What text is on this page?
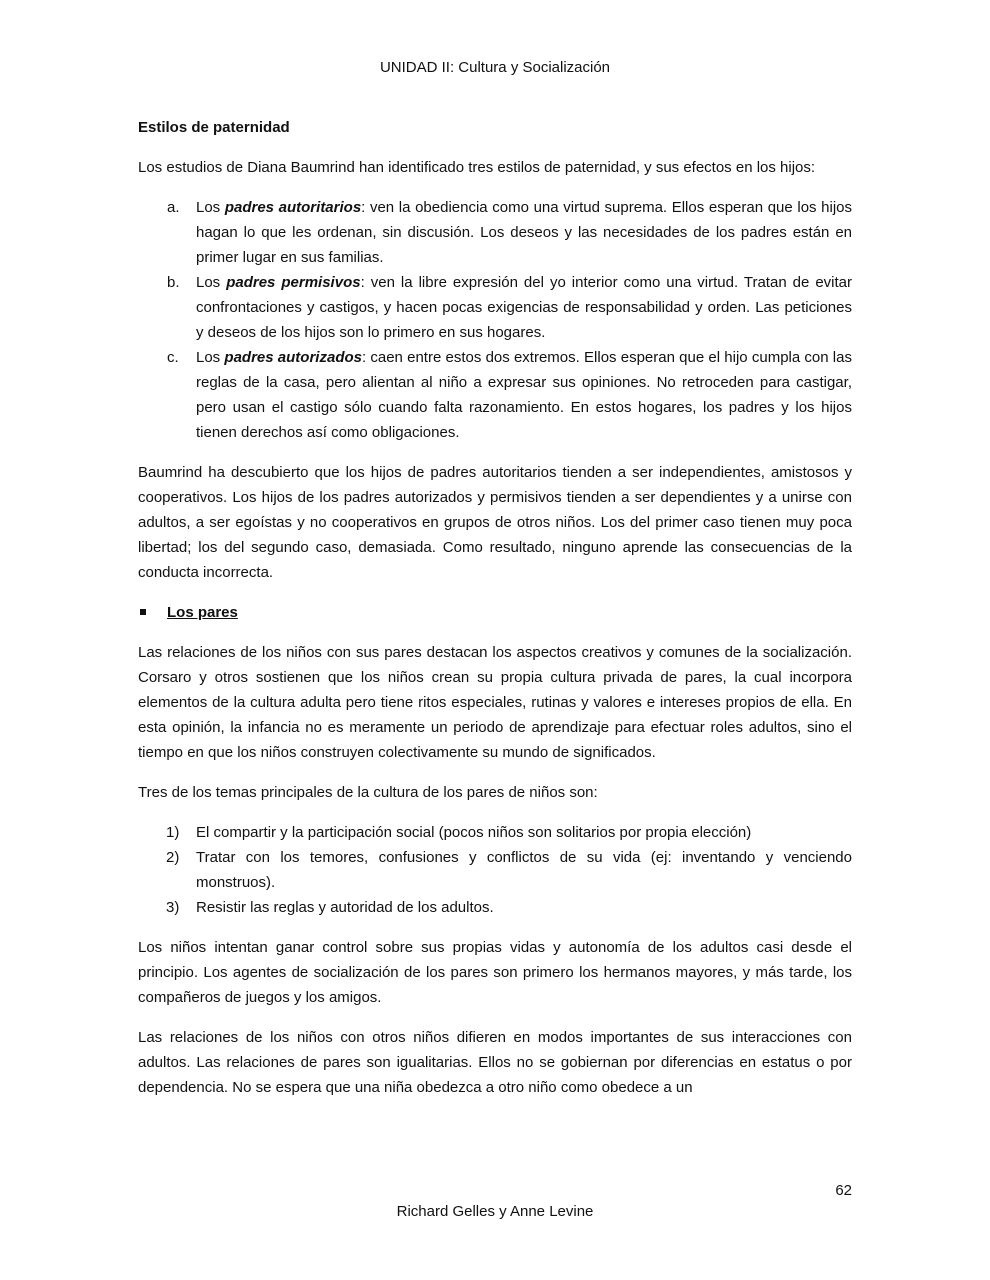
UNIDAD II: Cultura y Socialización
Estilos de paternidad

Los estudios de Diana Baumrind han identificado tres estilos de paternidad, y sus efectos en los hijos:

a. Los padres autoritarios: ven la obediencia como una virtud suprema. Ellos esperan que los hijos hagan lo que les ordenan, sin discusión. Los deseos y las necesidades de los padres están en primer lugar en sus familias.
b. Los padres permisivos: ven la libre expresión del yo interior como una virtud. Tratan de evitar confrontaciones y castigos, y hacen pocas exigencias de responsabilidad y orden. Las peticiones y deseos de los hijos son lo primero en sus hogares.
c. Los padres autorizados: caen entre estos dos extremos. Ellos esperan que el hijo cumpla con las reglas de la casa, pero alientan al niño a expresar sus opiniones. No retroceden para castigar, pero usan el castigo sólo cuando falta razonamiento. En estos hogares, los padres y los hijos tienen derechos así como obligaciones.

Baumrind ha descubierto que los hijos de padres autoritarios tienden a ser independientes, amistosos y cooperativos. Los hijos de los padres autorizados y permisivos tienden a ser dependientes y a unirse con adultos, a ser egoístas y no cooperativos en grupos de otros niños. Los del primer caso tienen muy poca libertad; los del segundo caso, demasiada. Como resultado, ninguno aprende las consecuencias de la conducta incorrecta.

Los pares

Las relaciones de los niños con sus pares destacan los aspectos creativos y comunes de la socialización. Corsaro y otros sostienen que los niños crean su propia cultura privada de pares, la cual incorpora elementos de la cultura adulta pero tiene ritos especiales, rutinas y valores e intereses propios de ella. En esta opinión, la infancia no es meramente un periodo de aprendizaje para efectuar roles adultos, sino el tiempo en que los niños construyen colectivamente su mundo de significados.

Tres de los temas principales de la cultura de los pares de niños son:

1) El compartir y la participación social (pocos niños son solitarios por propia elección)
2) Tratar con los temores, confusiones y conflictos de su vida (ej: inventando y venciendo monstruos).
3) Resistir las reglas y autoridad de los adultos.

Los niños intentan ganar control sobre sus propias vidas y autonomía de los adultos casi desde el principio. Los agentes de socialización de los pares son primero los hermanos mayores, y más tarde, los compañeros de juegos y los amigos.

Las relaciones de los niños con otros niños difieren en modos importantes de sus interacciones con adultos. Las relaciones de pares son igualitarias. Ellos no se gobiernan por diferencias en estatus o por dependencia. No se espera que una niña obedezca a otro niño como obedece a un

62
Richard Gelles y Anne Levine
